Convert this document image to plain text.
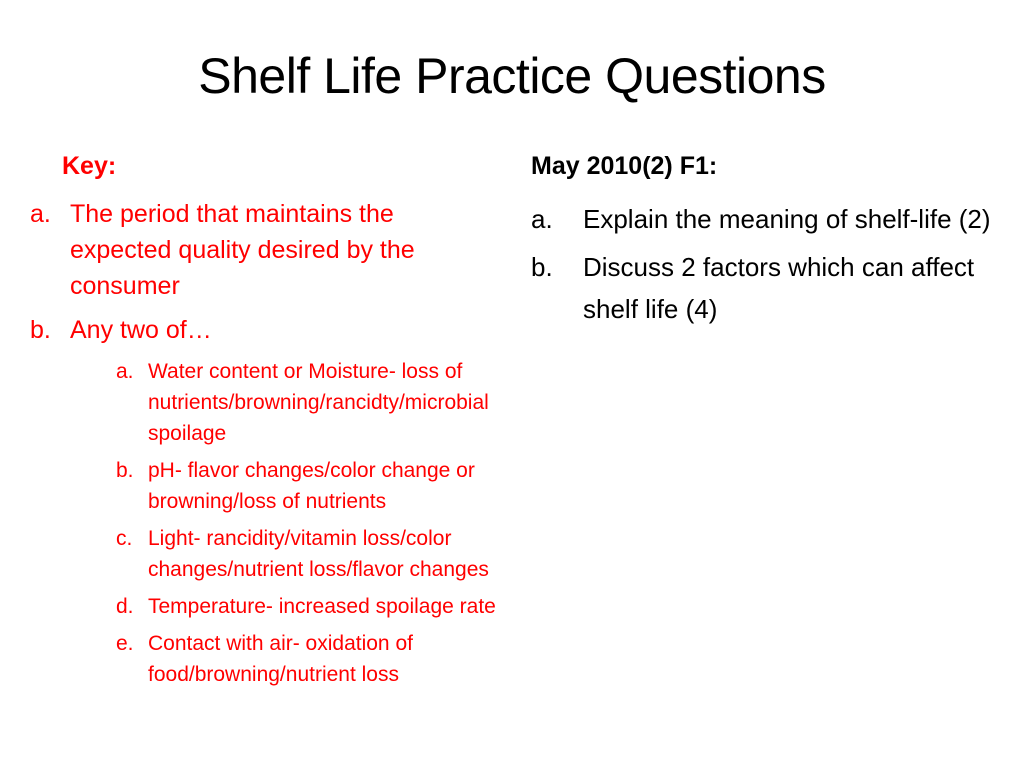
Shelf Life Practice Questions
Key:
a. The period that maintains the expected quality desired by the consumer
b. Any two of…
a. Water content or Moisture- loss of nutrients/browning/rancidty/microbial spoilage
b. pH- flavor changes/color change or browning/loss of nutrients
c. Light- rancidity/vitamin loss/color changes/nutrient loss/flavor changes
d. Temperature- increased spoilage rate
e. Contact with air- oxidation of food/browning/nutrient loss
May 2010(2) F1:
a. Explain the meaning of shelf-life (2)
b. Discuss 2 factors which can affect shelf life (4)
